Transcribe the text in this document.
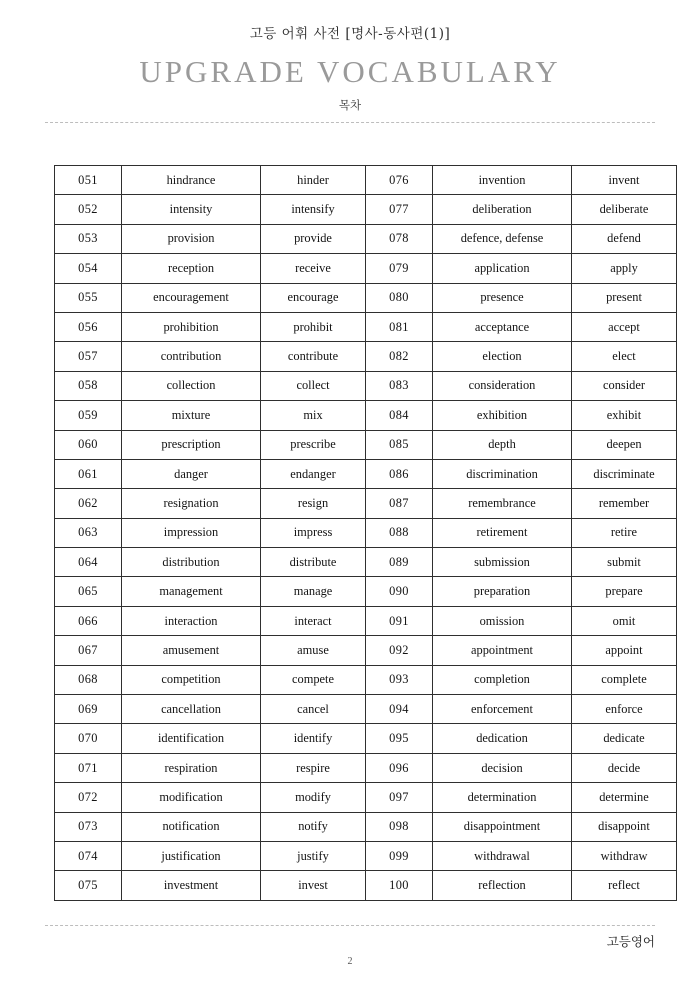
고등 어휘 사전 [명사-동사편(1)]
UPGRADE VOCABULARY
목차
051	hindrance	hinder	076	invention	invent
052	intensity	intensify	077	deliberation	deliberate
053	provision	provide	078	defence, defense	defend
054	reception	receive	079	application	apply
055	encouragement	encourage	080	presence	present
056	prohibition	prohibit	081	acceptance	accept
057	contribution	contribute	082	election	elect
058	collection	collect	083	consideration	consider
059	mixture	mix	084	exhibition	exhibit
060	prescription	prescribe	085	depth	deepen
061	danger	endanger	086	discrimination	discriminate
062	resignation	resign	087	remembrance	remember
063	impression	impress	088	retirement	retire
064	distribution	distribute	089	submission	submit
065	management	manage	090	preparation	prepare
066	interaction	interact	091	omission	omit
067	amusement	amuse	092	appointment	appoint
068	competition	compete	093	completion	complete
069	cancellation	cancel	094	enforcement	enforce
070	identification	identify	095	dedication	dedicate
071	respiration	respire	096	decision	decide
072	modification	modify	097	determination	determine
073	notification	notify	098	disappointment	disappoint
074	justification	justify	099	withdrawal	withdraw
075	investment	invest	100	reflection	reflect
고등영어
2
